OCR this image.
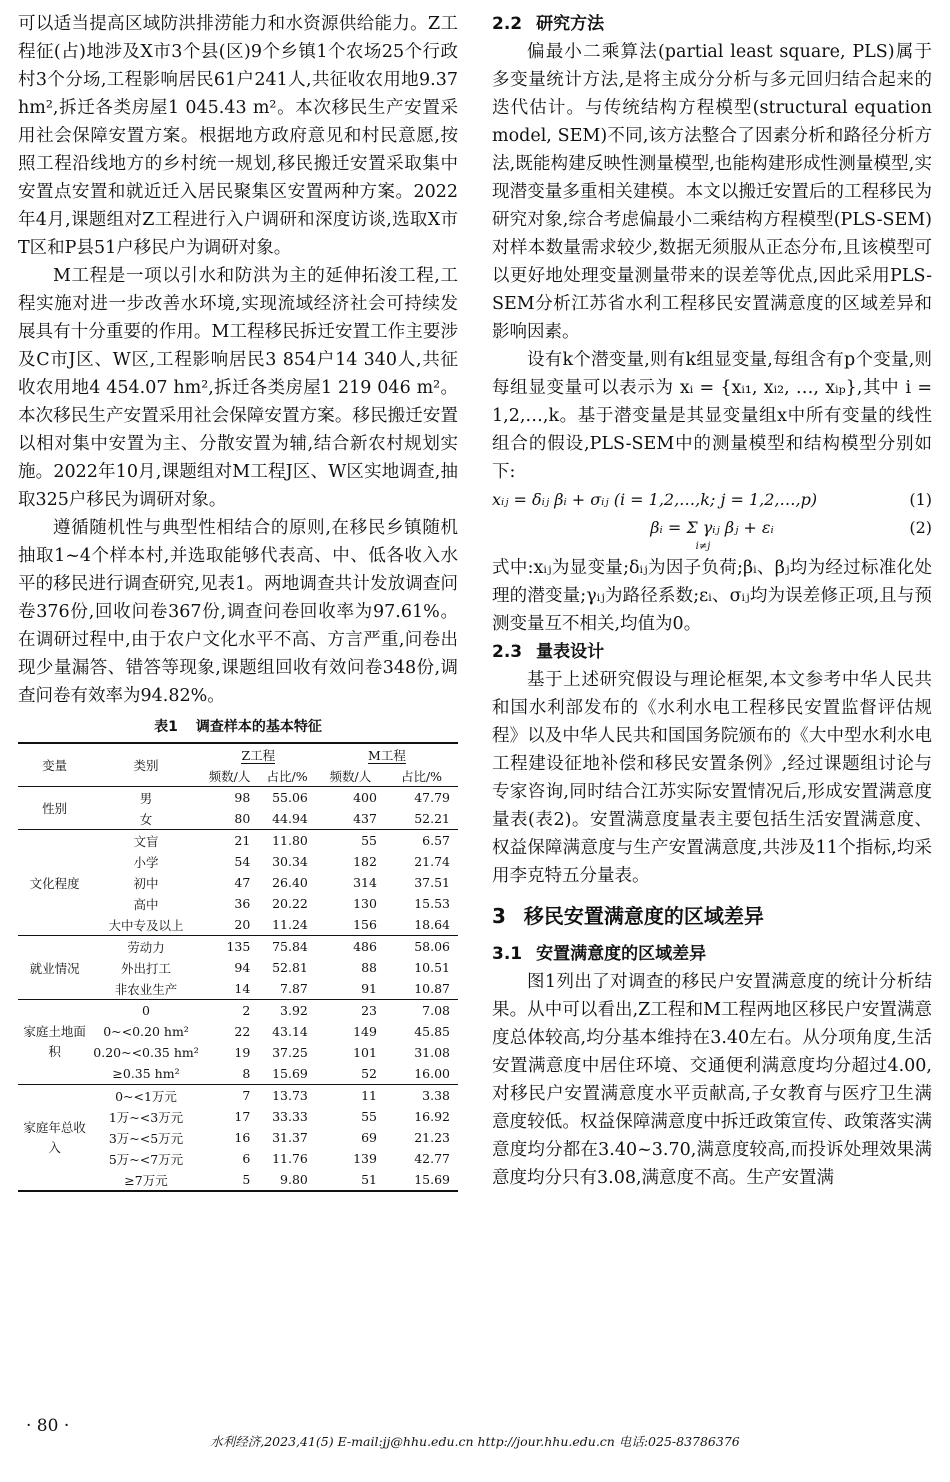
可以适当提高区域防洪排涝能力和水资源供给能力。Z工程征(占)地涉及X市3个县(区)9个乡镇1个农场25个行政村3个分场,工程影响居民61户241人,共征收农用地9.37 hm²,拆迁各类房屋1 045.43 m²。本次移民生产安置采用社会保障安置方案。根据地方政府意见和村民意愿,按照工程沿线地方的乡村统一规划,移民搬迁安置采取集中安置点安置和就近迁入居民聚集区安置两种方案。2022年4月,课题组对Z工程进行入户调研和深度访谈,选取X市T区和P县51户移民户为调研对象。

M工程是一项以引水和防洪为主的延伸拓浚工程,工程实施对进一步改善水环境,实现流域经济社会可持续发展具有十分重要的作用。M工程移民拆迁安置工作主要涉及C市J区、W区,工程影响居民3 854户14 340人,共征收农用地4 454.07 hm²,拆迁各类房屋1 219 046 m²。本次移民生产安置采用社会保障安置方案。移民搬迁安置以相对集中安置为主、分散安置为辅,结合新农村规划实施。2022年10月,课题组对M工程J区、W区实地调查,抽取325户移民为调研对象。

遵循随机性与典型性相结合的原则,在移民乡镇随机抽取1~4个样本村,并选取能够代表高、中、低各收入水平的移民进行调查研究,见表1。两地调查共计发放调查问卷376份,回收问卷367份,调查问卷回收率为97.61%。在调研过程中,由于农户文化水平不高、方言严重,问卷出现少量漏答、错答等现象,课题组回收有效问卷348份,调查问卷有效率为94.82%。

表1 调查样本的基本特征
变量	类别	Z工程		M工程	
		频数/人	占比/%	频数/人	占比/%
性别	男	98	55.06	400	47.79
	女	80	44.94	437	52.21
文化程度	文盲	21	11.80	55	6.57
	小学	54	30.34	182	21.74
	初中	47	26.40	314	37.51
	高中	36	20.22	130	15.53
	大中专及以上	20	11.24	156	18.64
就业情况	劳动力	135	75.84	486	58.06
	外出打工	94	52.81	88	10.51
	非农业生产	14	7.87	91	10.87
家庭土地面积	0	2	3.92	23	7.08
	0~<0.20 hm²	22	43.14	149	45.85
	0.20~<0.35 hm²	19	37.25	101	31.08
	≥0.35 hm²	8	15.69	52	16.00
家庭年总收入	0~<1万元	7	13.73	11	3.38
	1万~<3万元	17	33.33	55	16.92
	3万~<5万元	16	31.37	69	21.23
	5万~<7万元	6	11.76	139	42.77
	≥7万元	5	9.80	51	15.69
2.2 研究方法

偏最小二乘算法(partial least square, PLS)属于多变量统计方法,是将主成分分析与多元回归结合起来的迭代估计。与传统结构方程模型(structural equation model, SEM)不同,该方法整合了因素分析和路径分析方法,既能构建反映性测量模型,也能构建形成性测量模型,实现潜变量多重相关建模。本文以搬迁安置后的工程移民为研究对象,综合考虑偏最小二乘结构方程模型(PLS-SEM)对样本数量需求较少,数据无须服从正态分布,且该模型可以更好地处理变量测量带来的误差等优点,因此采用PLS-SEM分析江苏省水利工程移民安置满意度的区域差异和影响因素。

设有k个潜变量,则有k组显变量,每组含有p个变量,则每组显变量可以表示为 xᵢ = {xᵢ₁, xᵢ₂, …, xᵢₚ},其中 i = 1,2,…,k。基于潜变量是其显变量组x中所有变量的线性组合的假设,PLS-SEM中的测量模型和结构模型分别如下:

xᵢⱼ = δᵢⱼ βᵢ + σᵢⱼ (i = 1,2,…,k; j = 1,2,…,p)	(1)
βᵢ = Σ γᵢⱼ βⱼ + εᵢ
i≠j
(2)

式中:xᵢⱼ为显变量;δᵢⱼ为因子负荷;βᵢ、βⱼ均为经过标准化处理的潜变量;γᵢⱼ为路径系数;εᵢ、σᵢⱼ均为误差修正项,且与预测变量互不相关,均值为0。

2.3 量表设计

基于上述研究假设与理论框架,本文参考中华人民共和国水利部发布的《水利水电工程移民安置监督评估规程》以及中华人民共和国国务院颁布的《大中型水利水电工程建设征地补偿和移民安置条例》,经过课题组讨论与专家咨询,同时结合江苏实际安置情况后,形成安置满意度量表(表2)。安置满意度量表主要包括生活安置满意度、权益保障满意度与生产安置满意度,共涉及11个指标,均采用李克特五分量表。

3 移民安置满意度的区域差异
3.1 安置满意度的区域差异

图1列出了对调查的移民户安置满意度的统计分析结果。从中可以看出,Z工程和M工程两地区移民户安置满意度总体较高,均分基本维持在3.40左右。从分项角度,生活安置满意度中居住环境、交通便利满意度均分超过4.00,对移民户安置满意度水平贡献高,子女教育与医疗卫生满意度较低。权益保障满意度中拆迁政策宣传、政策落实满意度均分都在3.40~3.70,满意度较高,而投诉处理效果满意度均分只有3.08,满意度不高。生产安置满

· 80 ·
水利经济,2023,41(5) E-mail:jj@hhu.edu.cn http://jour.hhu.edu.cn 电话:025-83786376
